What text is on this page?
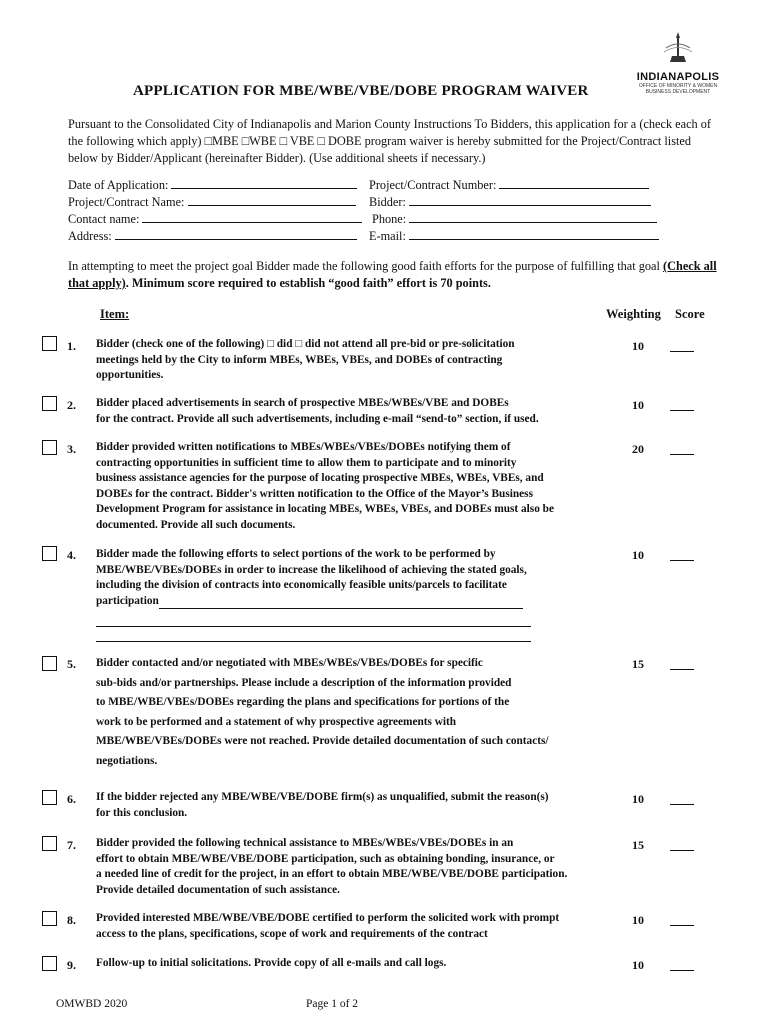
INDIANAPOLIS
OFFICE OF MINORITY & WOMEN
BUSINESS DEVELOPMENT
APPLICATION FOR MBE/WBE/VBE/DOBE PROGRAM WAIVER
Pursuant to the Consolidated City of Indianapolis and Marion County Instructions To Bidders, this application for a (check each of the following which apply) □MBE □WBE □ VBE □ DOBE program waiver is hereby submitted for the Project/Contract listed below by Bidder/Applicant (hereinafter Bidder). (Use additional sheets if necessary.)
Date of Application:	Project/Contract Number:
Project/Contract Name:	Bidder:
Contact name:	Phone:
Address:	E-mail:
In attempting to meet the project goal Bidder made the following good faith efforts for the purpose of fulfilling that goal (Check all that apply). Minimum score required to establish “good faith” effort is 70 points.
Item:	Weighting Score
1. Bidder (check one of the following) □ did □ did not attend all pre-bid or pre-solicitation
meetings held by the City to inform MBEs, WBEs, VBEs, and DOBEs of contracting
opportunities.
10
2. Bidder placed advertisements in search of prospective MBEs/WBEs/VBE and DOBEs
for the contract. Provide all such advertisements, including e-mail “send-to” section, if used.
10
3. Bidder provided written notifications to MBEs/WBEs/VBEs/DOBEs notifying them of
contracting opportunities in sufficient time to allow them to participate and to minority
business assistance agencies for the purpose of locating prospective MBEs, WBEs, VBEs, and
DOBEs for the contract. Bidder's written notification to the Office of the Mayor’s Business
Development Program for assistance in locating MBEs, WBEs, VBEs, and DOBEs must also be
documented. Provide all such documents.
20
4. Bidder made the following efforts to select portions of the work to be performed by
MBE/WBE/VBEs/DOBEs in order to increase the likelihood of achieving the stated goals,
including the division of contracts into economically feasible units/parcels to facilitate
participation
10
5. Bidder contacted and/or negotiated with MBEs/WBEs/VBEs/DOBEs for specific
sub-bids and/or partnerships. Please include a description of the information provided
to MBE/WBE/VBEs/DOBEs regarding the plans and specifications for portions of the
work to be performed and a statement of why prospective agreements with
MBE/WBE/VBEs/DOBEs were not reached. Provide detailed documentation of such contacts/
negotiations.
15
6. If the bidder rejected any MBE/WBE/VBE/DOBE firm(s) as unqualified, submit the reason(s)
for this conclusion.
10
7. Bidder provided the following technical assistance to MBEs/WBEs/VBEs/DOBEs in an
effort to obtain MBE/WBE/VBE/DOBE participation, such as obtaining bonding, insurance, or
a needed line of credit for the project, in an effort to obtain MBE/WBE/VBE/DOBE participation.
Provide detailed documentation of such assistance.
15
8. Provided interested MBE/WBE/VBE/DOBE certified to perform the solicited work with prompt
access to the plans, specifications, scope of work and requirements of the contract
10
9. Follow-up to initial solicitations. Provide copy of all e-mails and call logs.	10
OMWBD 2020	Page 1 of 2
